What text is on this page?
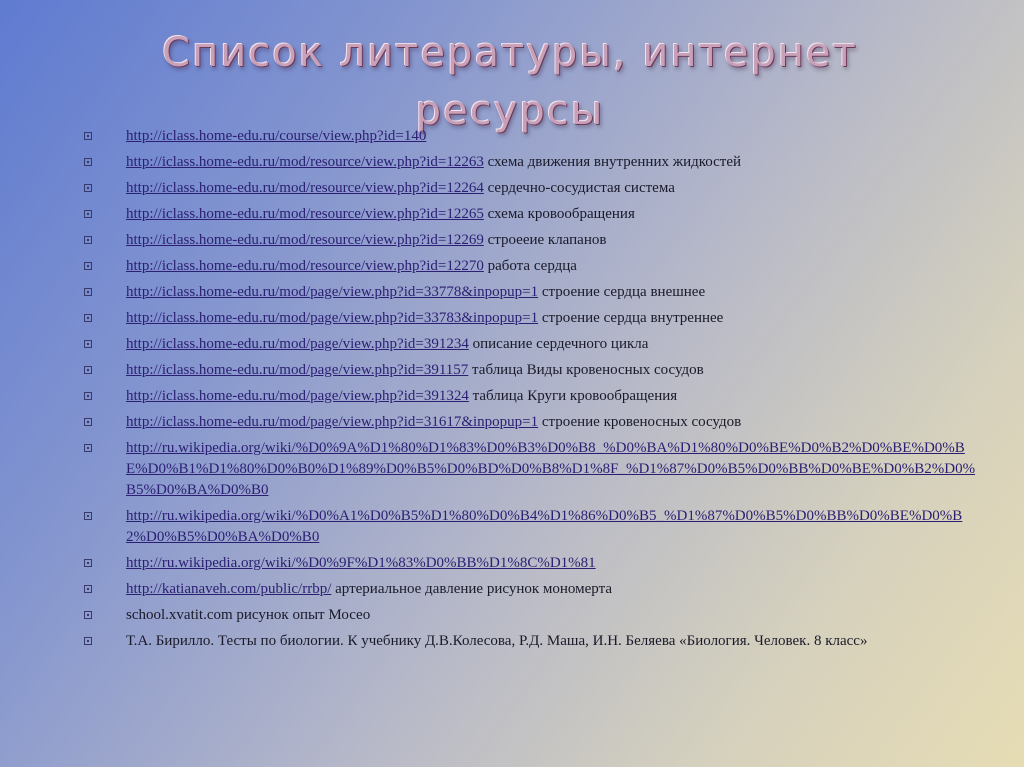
Список литературы, интернет
ресурсы
http://iclass.home-edu.ru/course/view.php?id=140
http://iclass.home-edu.ru/mod/resource/view.php?id=12263 схема движения внутренних жидкостей
http://iclass.home-edu.ru/mod/resource/view.php?id=12264 сердечно-сосудистая система
http://iclass.home-edu.ru/mod/resource/view.php?id=12265 схема кровообращения
http://iclass.home-edu.ru/mod/resource/view.php?id=12269 строеeие клапанов
http://iclass.home-edu.ru/mod/resource/view.php?id=12270 работа сердца
http://iclass.home-edu.ru/mod/page/view.php?id=33778&inpopup=1 строение сердца внешнее
http://iclass.home-edu.ru/mod/page/view.php?id=33783&inpopup=1 строение сердца внутреннее
http://iclass.home-edu.ru/mod/page/view.php?id=391234 описание сердечного цикла
http://iclass.home-edu.ru/mod/page/view.php?id=391157 таблица Виды кровеносных сосудов
http://iclass.home-edu.ru/mod/page/view.php?id=391324 таблица Круги кровообращения
http://iclass.home-edu.ru/mod/page/view.php?id=31617&inpopup=1 строение кровеносных сосудов
http://ru.wikipedia.org/wiki/%D0%9A%D1%80%D1%83%D0%B3%D0%B8_%D0%BA%D1%80%D0%BE%D0%B2%D0%BE%D0%BE%D0%B1%D1%80%D0%B0%D1%89%D0%B5%D0%BD%D0%B8%D1%8F_%D1%87%D0%B5%D0%BB%D0%BE%D0%B2%D0%B5%D0%BA%D0%B0
http://ru.wikipedia.org/wiki/%D0%A1%D0%B5%D1%80%D0%B4%D1%86%D0%B5_%D1%87%D0%B5%D0%BB%D0%BE%D0%B2%D0%B5%D0%BA%D0%B0
http://ru.wikipedia.org/wiki/%D0%9F%D1%83%D0%BB%D1%8C%D1%81
http://katianaveh.com/public/rrbp/ артериальное давление рисунок мономерта
school.xvatit.com рисунок опыт Мосео
Т.А. Бирилло. Тесты по биологии. К учебнику Д.В.Колесова, Р.Д. Маша, И.Н. Беляева «Биология. Человек. 8 класс»
